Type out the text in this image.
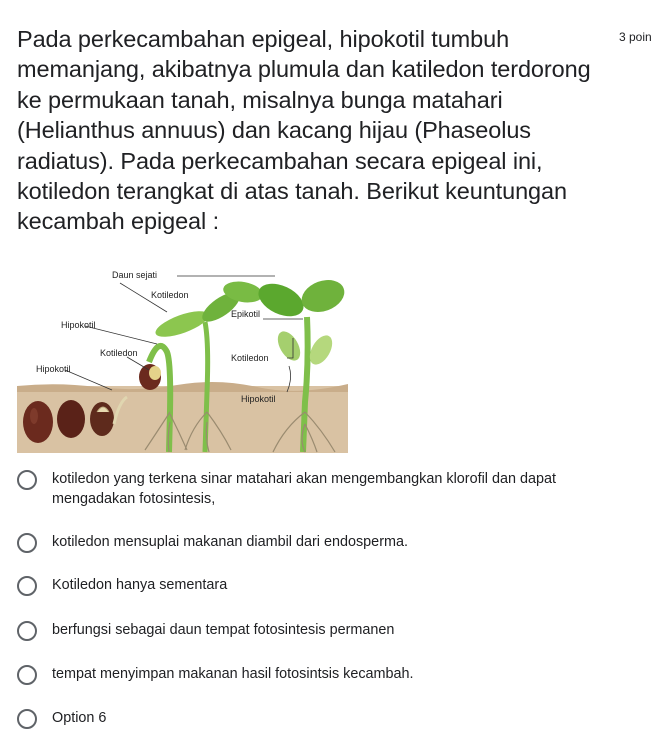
Pada perkecambahan epigeal, hipokotil tumbuh memanjang, akibatnya plumula dan katiledon terdorong ke permukaan tanah, misalnya bunga matahari (Helianthus annuus) dan kacang hijau (Phaseolus radiatus). Pada perkecambahan secara epigeal ini, kotiledon terangkat di atas tanah. Berikut keuntungan kecambah epigeal :

3 poin
Daun sejati
Kotiledon
Epikotil
Hipokotil
Kotiledon	Kotiledon
Hipokotil
Hipokotil
kotiledon yang terkena sinar matahari akan mengembangkan klorofil dan dapat mengadakan fotosintesis,
kotiledon mensuplai makanan diambil dari endosperma.
Kotiledon hanya sementara
berfungsi sebagai daun tempat fotosintesis permanen
tempat menyimpan makanan hasil fotosintsis kecambah.
Option 6
